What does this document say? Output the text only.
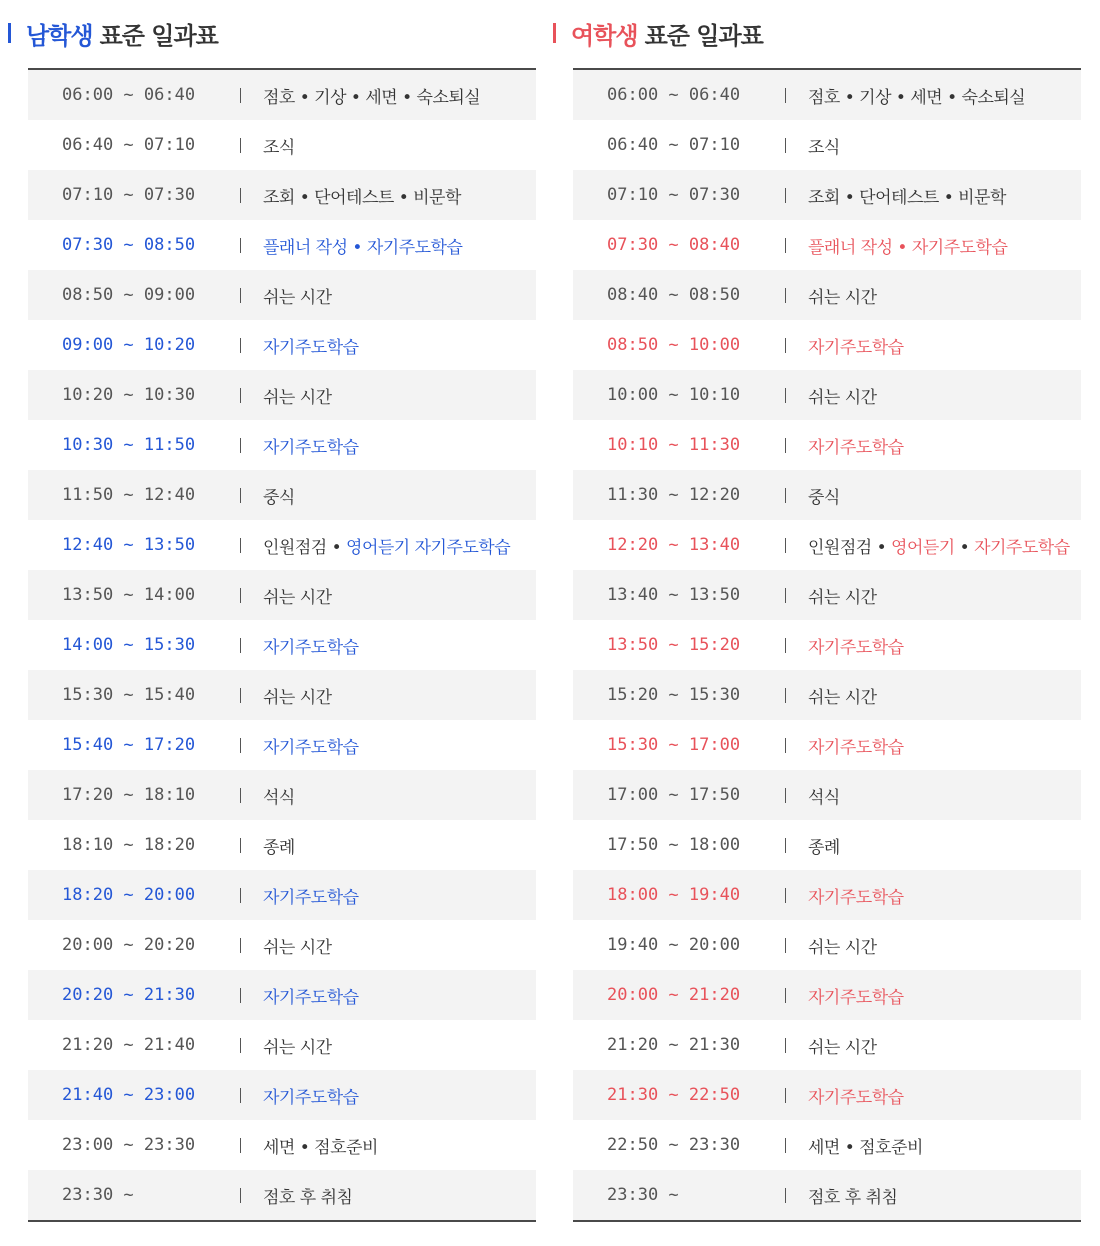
남학생 표준 일과표
06:00 ~ 06:40	점호 • 기상 • 세면 • 숙소퇴실
06:40 ~ 07:10	조식
07:10 ~ 07:30	조회 • 단어테스트 • 비문학
07:30 ~ 08:50	플래너 작성 • 자기주도학습
08:50 ~ 09:00	쉬는 시간
09:00 ~ 10:20	자기주도학습
10:20 ~ 10:30	쉬는 시간
10:30 ~ 11:50	자기주도학습
11:50 ~ 12:40	중식
12:40 ~ 13:50	인원점검 • 영어듣기 자기주도학습
13:50 ~ 14:00	쉬는 시간
14:00 ~ 15:30	자기주도학습
15:30 ~ 15:40	쉬는 시간
15:40 ~ 17:20	자기주도학습
17:20 ~ 18:10	석식
18:10 ~ 18:20	종례
18:20 ~ 20:00	자기주도학습
20:00 ~ 20:20	쉬는 시간
20:20 ~ 21:30	자기주도학습
21:20 ~ 21:40	쉬는 시간
21:40 ~ 23:00	자기주도학습
23:00 ~ 23:30	세면 • 점호준비
23:30 ~	점호 후 취침
여학생 표준 일과표
06:00 ~ 06:40	점호 • 기상 • 세면 • 숙소퇴실
06:40 ~ 07:10	조식
07:10 ~ 07:30	조회 • 단어테스트 • 비문학
07:30 ~ 08:40	플래너 작성 • 자기주도학습
08:40 ~ 08:50	쉬는 시간
08:50 ~ 10:00	자기주도학습
10:00 ~ 10:10	쉬는 시간
10:10 ~ 11:30	자기주도학습
11:30 ~ 12:20	중식
12:20 ~ 13:40	인원점검 • 영어듣기 • 자기주도학습
13:40 ~ 13:50	쉬는 시간
13:50 ~ 15:20	자기주도학습
15:20 ~ 15:30	쉬는 시간
15:30 ~ 17:00	자기주도학습
17:00 ~ 17:50	석식
17:50 ~ 18:00	종례
18:00 ~ 19:40	자기주도학습
19:40 ~ 20:00	쉬는 시간
20:00 ~ 21:20	자기주도학습
21:20 ~ 21:30	쉬는 시간
21:30 ~ 22:50	자기주도학습
22:50 ~ 23:30	세면 • 점호준비
23:30 ~	점호 후 취침
